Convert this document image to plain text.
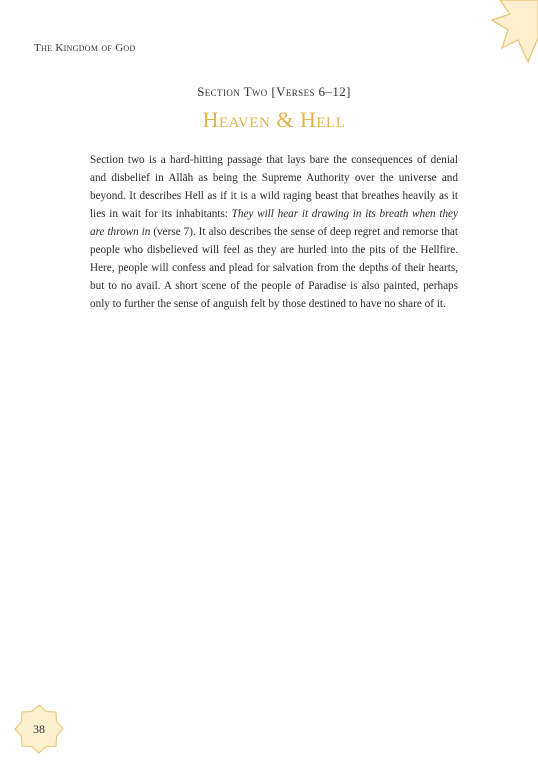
The Kingdom of God
Section Two [Verses 6–12]
Heaven & Hell
Section two is a hard-hitting passage that lays bare the consequences of denial and disbelief in Allāh as being the Supreme Authority over the universe and beyond. It describes Hell as if it is a wild raging beast that breathes heavily as it lies in wait for its inhabitants: They will hear it drawing in its breath when they are thrown in (verse 7). It also describes the sense of deep regret and remorse that people who disbelieved will feel as they are hurled into the pits of the Hellfire. Here, people will confess and plead for salvation from the depths of their hearts, but to no avail. A short scene of the people of Paradise is also painted, perhaps only to further the sense of anguish felt by those destined to have no share of it.
38
